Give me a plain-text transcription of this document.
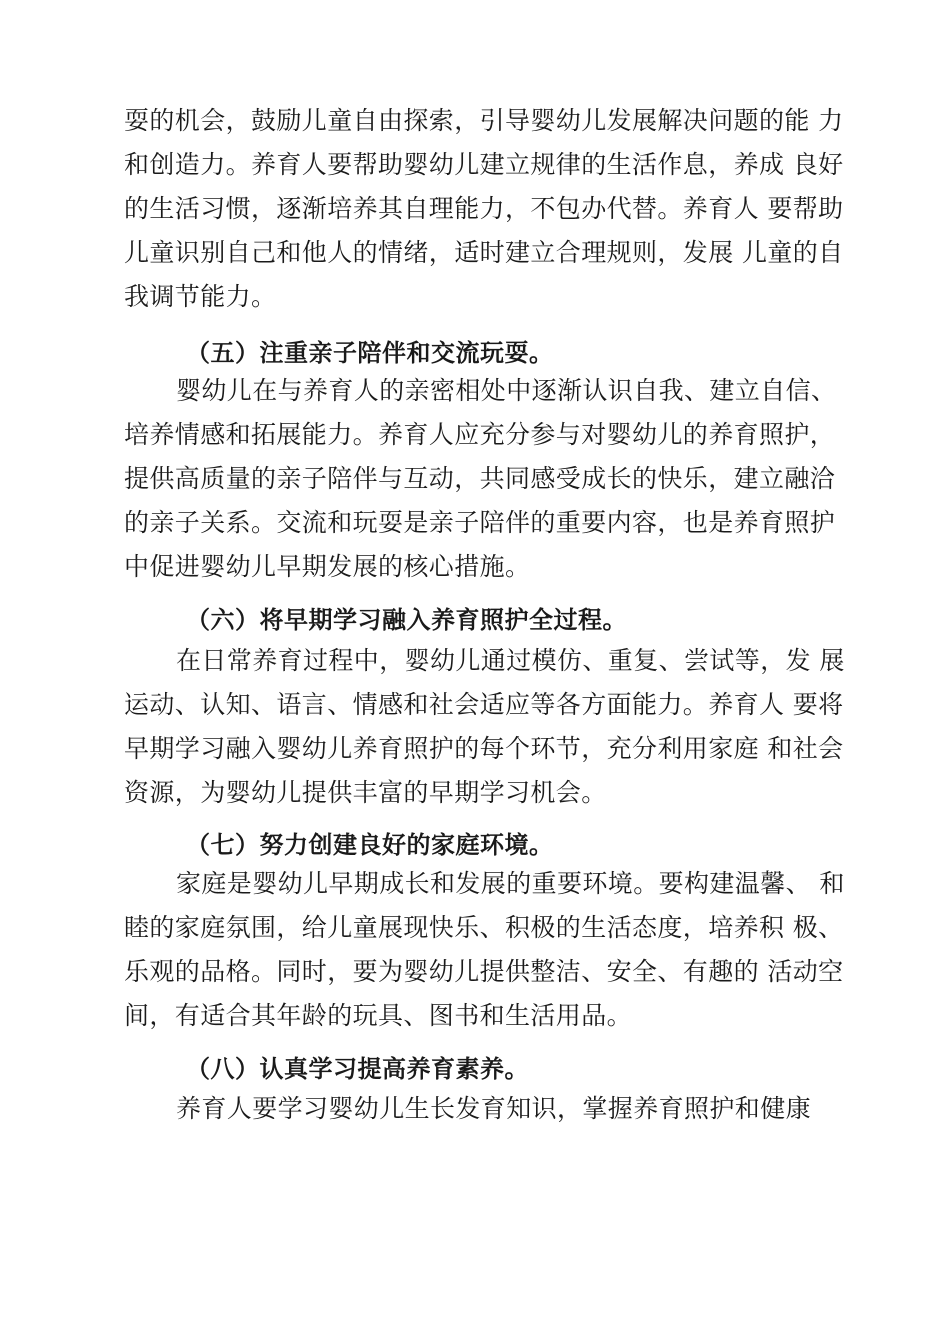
耍的机会，鼓励儿童自由探索，引导婴幼儿发展解决问题的能 力
和创造力。养育人要帮助婴幼儿建立规律的生活作息，养成 良好
的生活习惯，逐渐培养其自理能力，不包办代替。养育人 要帮助
儿童识别自己和他人的情绪，适时建立合理规则，发展 儿童的自
我调节能力。
（五）注重亲子陪伴和交流玩耍。
婴幼儿在与养育人的亲密相处中逐渐认识自我、建立自信、
培养情感和拓展能力。养育人应充分参与对婴幼儿的养育照护，
提供高质量的亲子陪伴与互动，共同感受成长的快乐，建立融洽
的亲子关系。交流和玩耍是亲子陪伴的重要内容，也是养育照护
中促进婴幼儿早期发展的核心措施。
（六）将早期学习融入养育照护全过程。
在日常养育过程中，婴幼儿通过模仿、重复、尝试等，发 展
运动、认知、语言、情感和社会适应等各方面能力。养育人 要将
早期学习融入婴幼儿养育照护的每个环节，充分利用家庭 和社会
资源，为婴幼儿提供丰富的早期学习机会。
（七）努力创建良好的家庭环境。
家庭是婴幼儿早期成长和发展的重要环境。要构建温馨、 和
睦的家庭氛围，给儿童展现快乐、积极的生活态度，培养积 极、
乐观的品格。同时，要为婴幼儿提供整洁、安全、有趣的 活动空
间，有适合其年龄的玩具、图书和生活用品。
（八）认真学习提高养育素养。
养育人要学习婴幼儿生长发育知识，掌握养育照护和健康
